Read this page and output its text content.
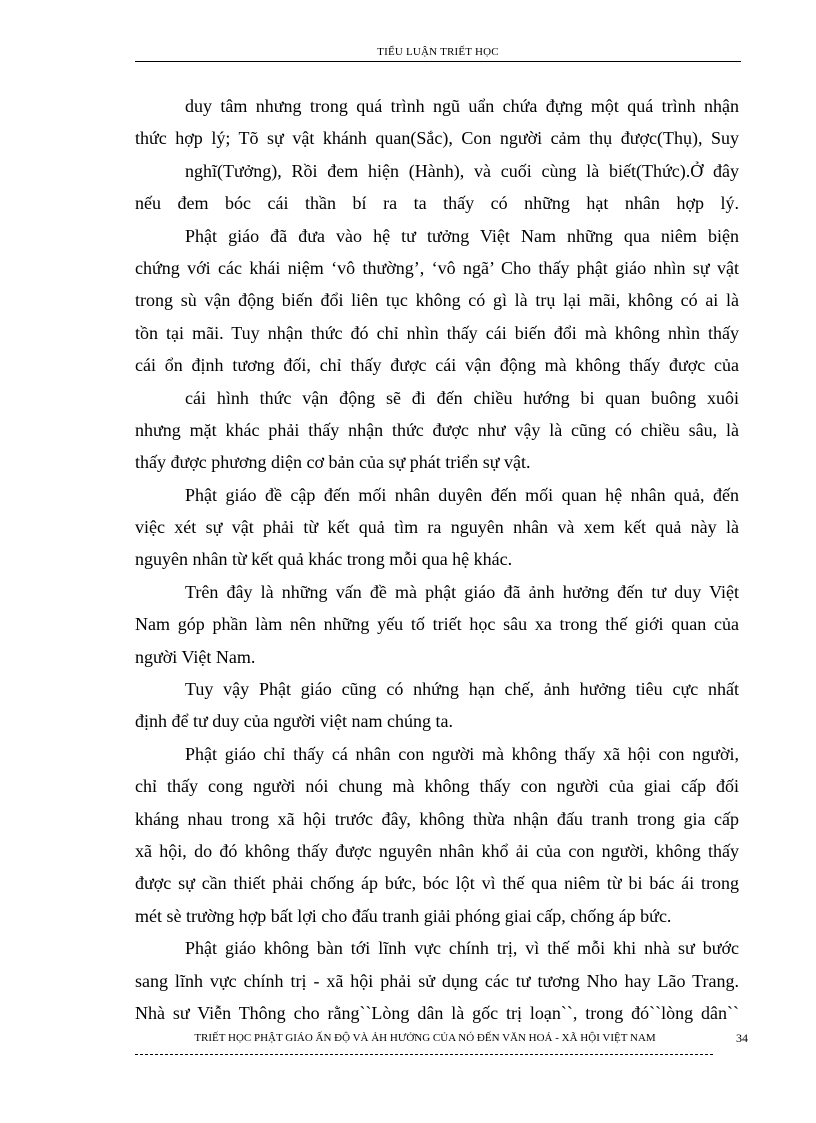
TIỂU LUẬN TRIẾT HỌC
duy tâm nhưng trong quá trình ngũ uẩn chứa đựng một quá trình nhận
thức hợp lý; Tõ sự vật khánh quan(Sắc), Con người cảm thụ được(Thụ), Suy
nghĩ(Tưởng), Rồi đem hiện (Hành), và cuối cùng là biết(Thức).Ở đây
nếu đem bóc cái thần bí ra ta thấy có những hạt nhân hợp lý.
Phật giáo đã đưa vào hệ tư tưởng Việt Nam những qua niêm biện
chứng với các khái niệm ‘vô thường’, ‘vô ngã’ Cho thấy phật giáo nhìn sự vật
trong sù vận động biến đổi liên tục không có gì là trụ lại mãi, không có ai là
tồn tại mãi. Tuy nhận thức đó chỉ nhìn thấy cái biến đổi mà không nhìn thấy
cái ổn định tương đối, chỉ thấy được cái vận động mà không thấy được của
cái hình thức vận động sẽ đi đến chiều hướng bi quan buông xuôi
nhưng mặt khác phải thấy nhận thức được như vậy là cũng có chiều sâu, là
thấy được phương diện cơ bản của sự phát triển sự vật.
Phật giáo đề cập đến mối nhân duyên đến mối quan hệ nhân quả, đến
việc xét sự vật phải từ kết quả tìm ra nguyên nhân và xem kết quả này là
nguyên nhân từ kết quả khác trong mỗi qua hệ khác.
Trên đây là những vấn đề mà phật giáo đã ảnh hưởng đến tư duy Việt
Nam góp phần làm nên những yếu tố triết học sâu xa trong thế giới quan của
người Việt Nam.
Tuy vậy Phật giáo cũng có nhứng hạn chế, ảnh hưởng tiêu cực nhất
định để tư duy của người việt nam chúng ta.
Phật giáo chỉ thấy cá nhân con người mà không thấy xã hội con người,
chỉ thấy cong người nói chung mà không thấy con người của giai cấp đối
kháng nhau trong xã hội trước đây, không thừa nhận đấu tranh trong gia cấp
xã hội, do đó không thấy được nguyên nhân khổ ải của con người, không thấy
được sự cần thiết phải chống áp bức, bóc lột vì thế qua niêm từ bi bác ái trong
mét sè trường hợp bất lợi cho đấu tranh giải phóng giai cấp, chống áp bức.
Phật giáo không bàn tới lĩnh vực chính trị, vì thế mỗi khi nhà sư bước
sang lĩnh vực chính trị - xã hội phải sử dụng các tư tương Nho hay Lão Trang.
Nhà sư Viễn Thông cho rằng``Lòng dân là gốc trị loạn``, trong đó``lòng dân``
TRIẾT HỌC PHẬT GIÁO ẤN ĐỘ VÀ ẢH HƯỞNG CỦA NÓ ĐẾN VĂN HOÁ - XÃ HỘI VIỆT NAM	34
